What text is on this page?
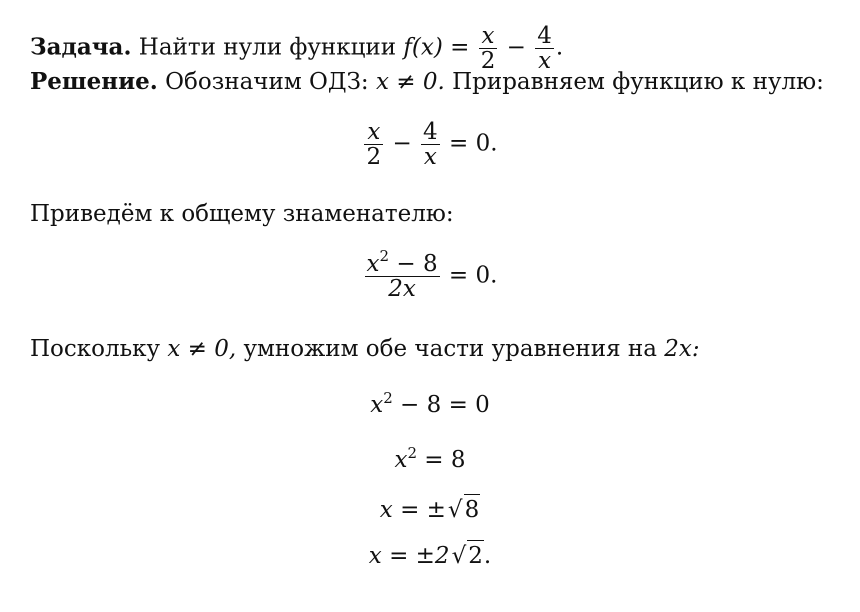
Задача. Найти нули функции $f(x) = \frac{x}{2} - \frac{4}{x}$ .
Решение. Обозначим ОДЗ: x ≠ 0. Приравняем функцию к нулю:
$\frac{x}{2} - \frac{4}{x} = 0$.
Приведём к общему знаменателю:
$\frac{x^2 - 8}{2x} = 0$.
Поскольку x ≠ 0, умножим обе части уравнения на 2x:
$x^2 - 8 = 0$
$x^2 = 8$
x = ±√8
x = ±2√2.
